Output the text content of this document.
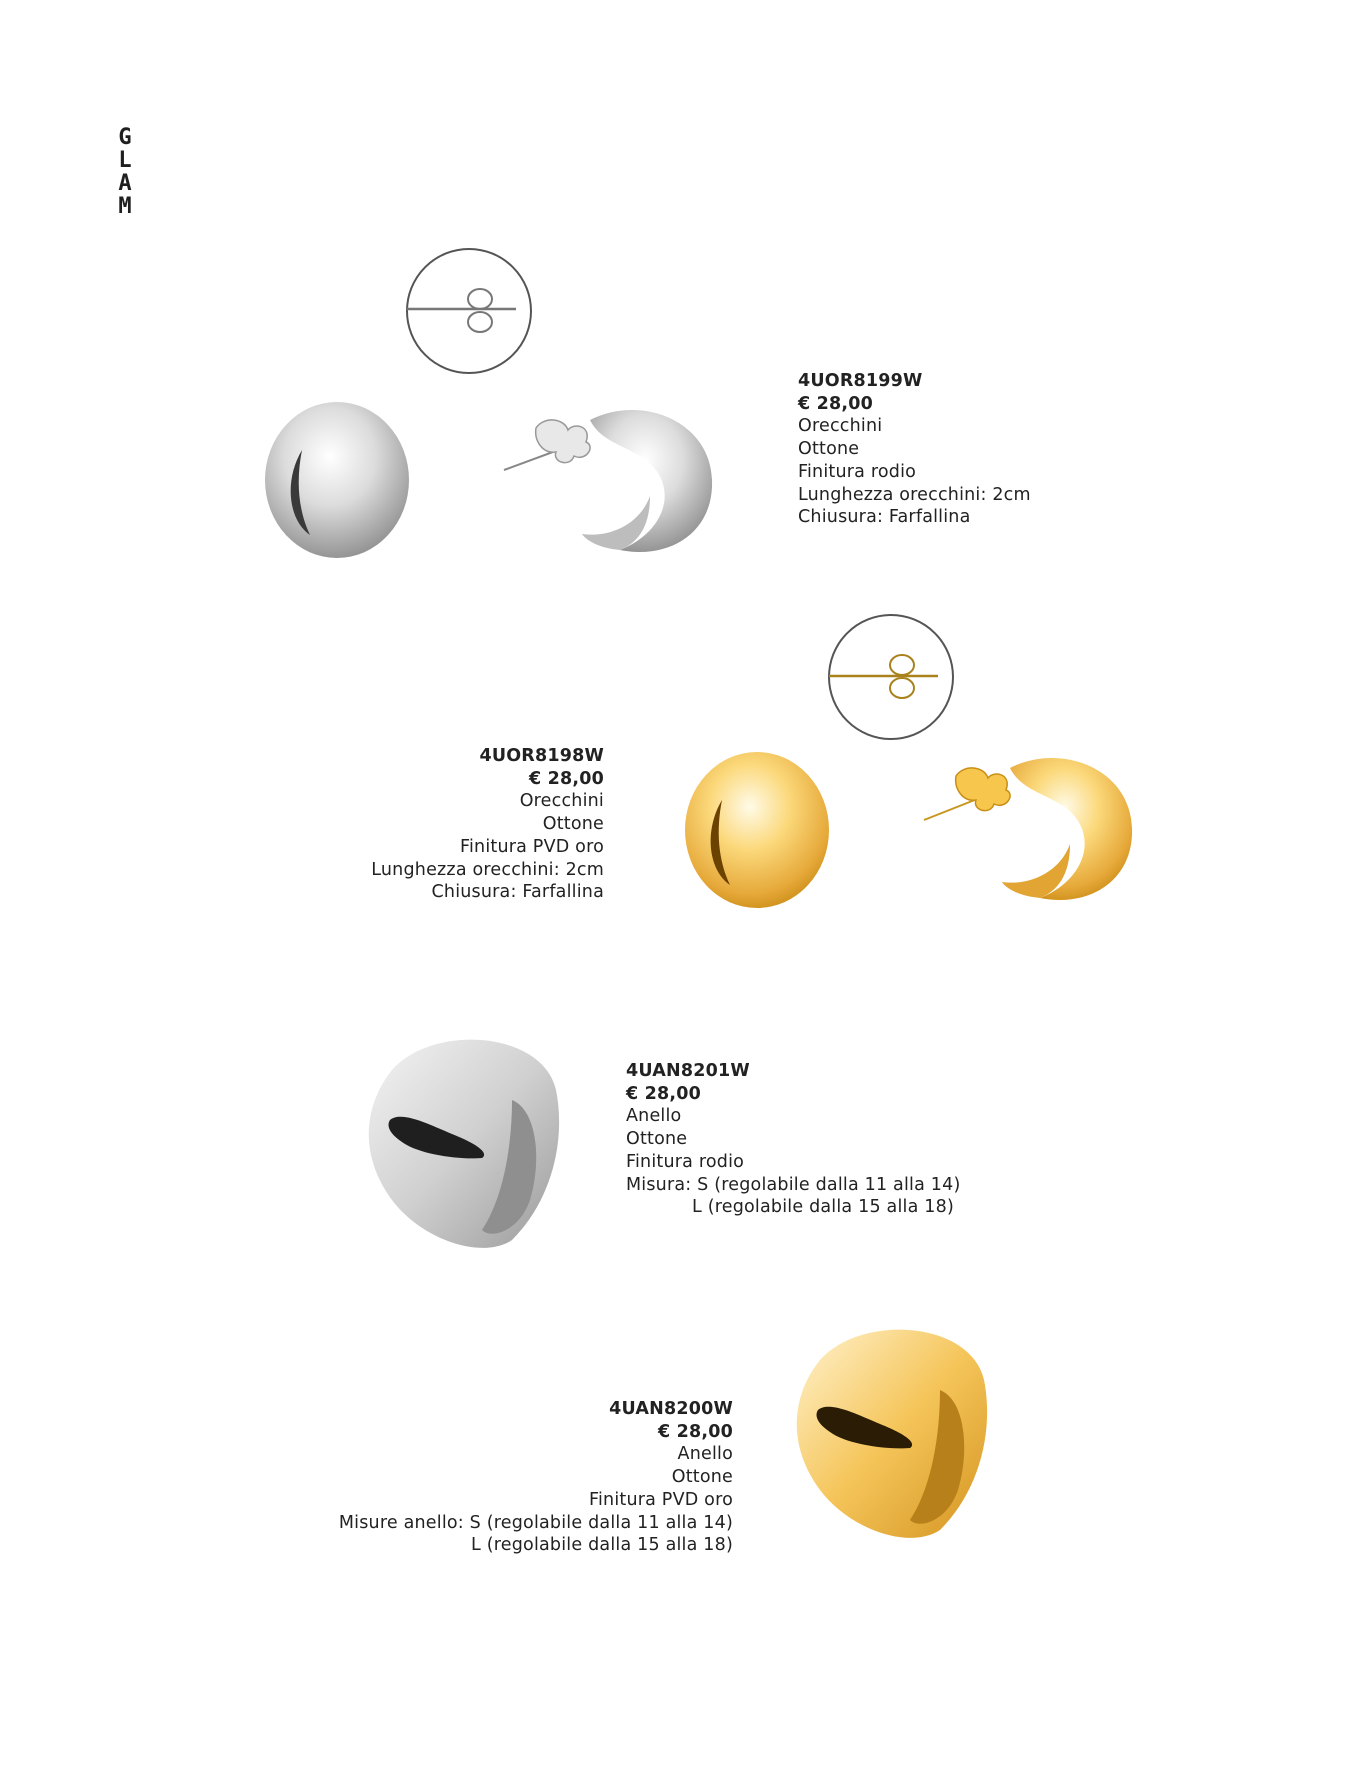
G
L
A
M
4UOR8199W
€ 28,00
Orecchini
Ottone
Finitura rodio
Lunghezza orecchini: 2cm
Chiusura: Farfallina
4UOR8198W
€ 28,00
Orecchini
Ottone
Finitura PVD oro
Lunghezza orecchini: 2cm
Chiusura: Farfallina
4UAN8201W
€ 28,00
Anello
Ottone
Finitura rodio
Misura: S (regolabile dalla 11 alla 14)
L (regolabile dalla 15 alla 18)
4UAN8200W
€ 28,00
Anello
Ottone
Finitura PVD oro
Misure anello: S (regolabile dalla 11 alla 14)
L (regolabile dalla 15 alla 18)
